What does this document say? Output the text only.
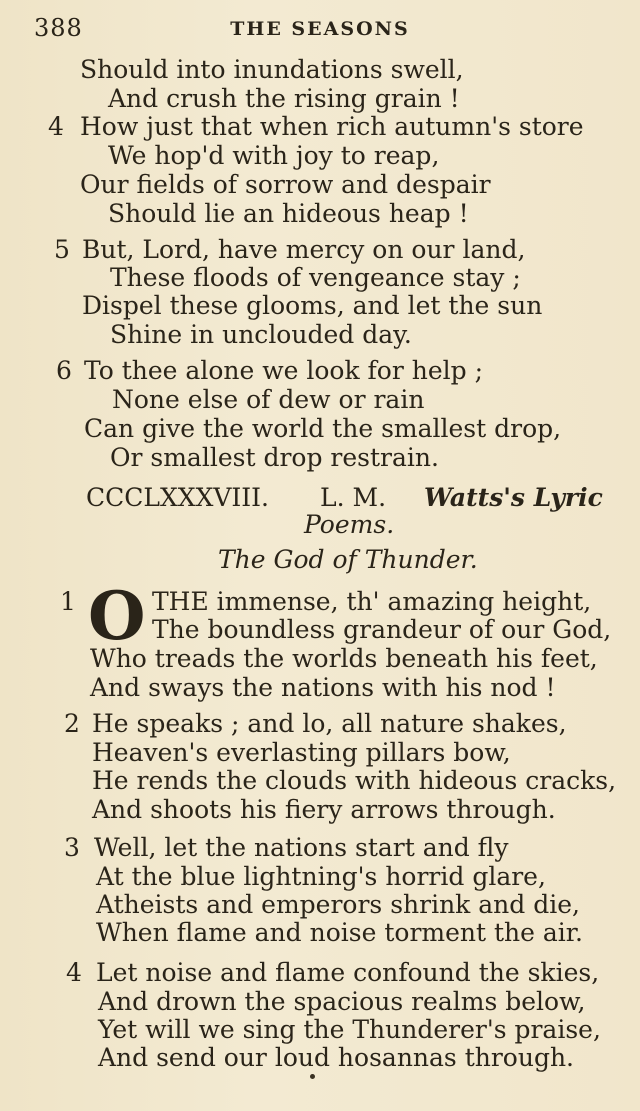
388	THE SEASONS
Should into inundations swell,
And crush the rising grain !
4 How just that when rich autumn's store
We hop'd with joy to reap,
Our fields of sorrow and despair
Should lie an hideous heap !
5 But, Lord, have mercy on our land,
These floods of vengeance stay ;
Dispel these glooms, and let the sun
Shine in unclouded day.
6 To thee alone we look for help ;
None else of dew or rain
Can give the world the smallest drop,
Or smallest drop restrain.
CCCLXXXVIII. L. M. Watts's Lyric
Poems.
The God of Thunder.
1 O THE immense, th' amazing height,
The boundless grandeur of our God,
Who treads the worlds beneath his feet,
And sways the nations with his nod !
2 He speaks ; and lo, all nature shakes,
Heaven's everlasting pillars bow,
He rends the clouds with hideous cracks,
And shoots his fiery arrows through.
3 Well, let the nations start and fly
At the blue lightning's horrid glare,
Atheists and emperors shrink and die,
When flame and noise torment the air.
4 Let noise and flame confound the skies,
And drown the spacious realms below,
Yet will we sing the Thunderer's praise,
And send our loud hosannas through.
